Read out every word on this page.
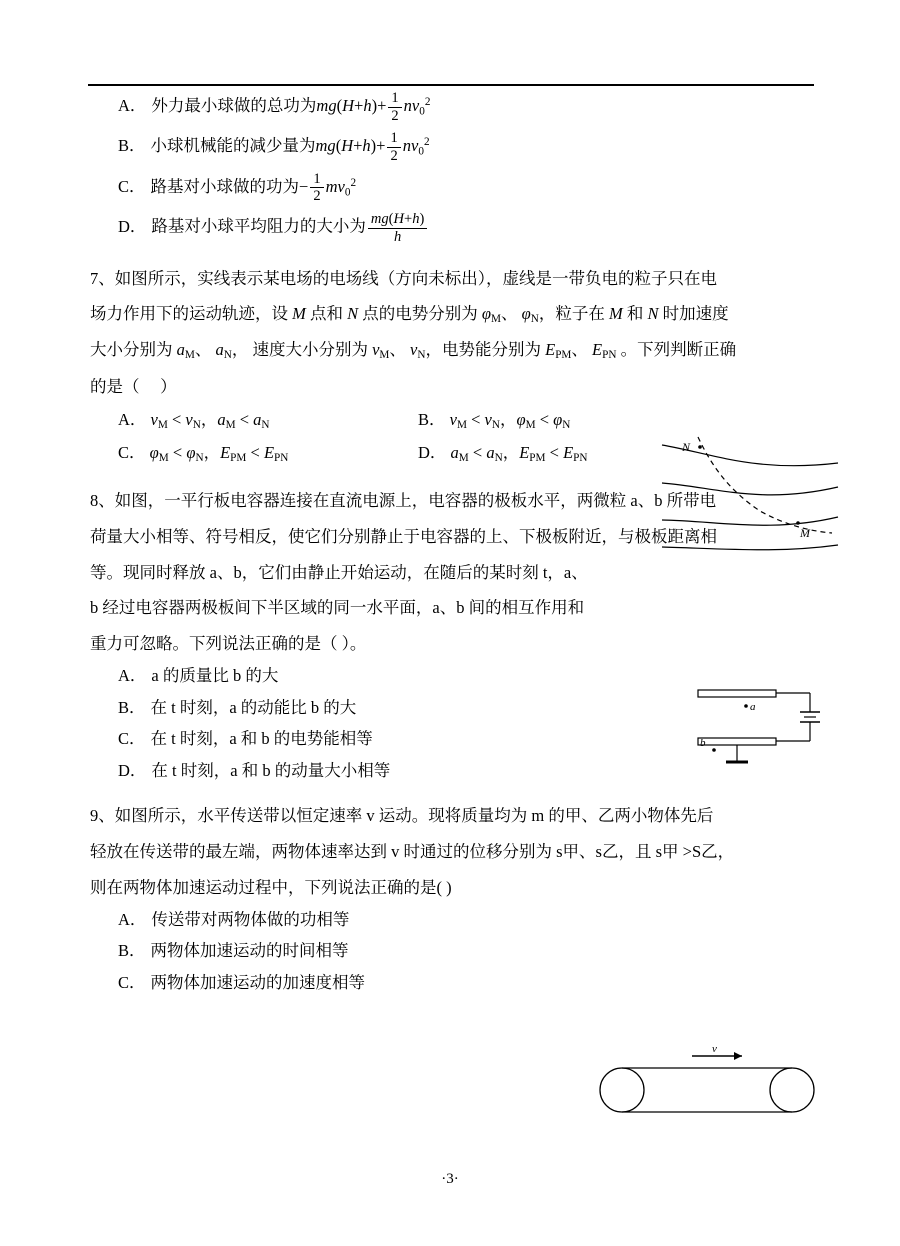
A． 外力最小球做的总功为$mg(H+h)+ \frac{1}{2} nv_0^2$
B． 小球机械能的减少量为$mg(H+h)+ \frac{1}{2} nv_0^2$
C． 路基对小球做的功为− $\frac{1}{2} mv_0^2$
D． 路基对小球平均阻力的大小为 $\frac{mg(H+h)}{h}$
7、如图所示，实线表示某电场的电场线（方向未标出），虚线是一带负电的粒子只在电
场力作用下的运动轨迹，设 M 点和 N 点的电势分别为 $\varphi_M$、 $\varphi_N$，粒子在 M 和 N 时加速度
大小分别为 $a_M$、 $a_N$， 速度大小分别为 $v_M$、 $v_N$，电势能分别为 $E_{PM}$、 $E_{PN}$ 。下列判断正确
的是（     ）
A． $v_M < v_N$，$a_M < a_N$	B． $v_M < v_N$，$\varphi_M < \varphi_N$
C． $\varphi_M < \varphi_N$，$E_{PM} < E_{PN}$	D． $a_M < a_N$，$E_{PM} < E_{PN}$
8、如图，一平行板电容器连接在直流电源上，电容器的极板水平，两微粒 a、b 所带电
荷量大小相等、符号相反，使它们分别静止于电容器的上、下极板附近，与极板距离相
等。现同时释放 a、b，它们由静止开始运动，在随后的某时刻 t，a、
b 经过电容器两极板间下半区域的同一水平面，a、b 间的相互作用和
重力可忽略。下列说法正确的是（ ）。
A． a 的质量比 b 的大
B． 在 t 时刻，a 的动能比 b 的大
C． 在 t 时刻，a 和 b 的电势能相等
D． 在 t 时刻，a 和 b 的动量大小相等
9、如图所示，水平传送带以恒定速率 v 运动。现将质量均为 m 的甲、乙两小物体先后
轻放在传送带的最左端，两物体速率达到 v 时通过的位移分别为 s甲、s乙，且 s甲 >S乙，
则在两物体加速运动过程中，下列说法正确的是( )
A． 传送带对两物体做的功相等
B． 两物体加速运动的时间相等
C． 两物体加速运动的加速度相等
N
M
a
b
v
·3·
